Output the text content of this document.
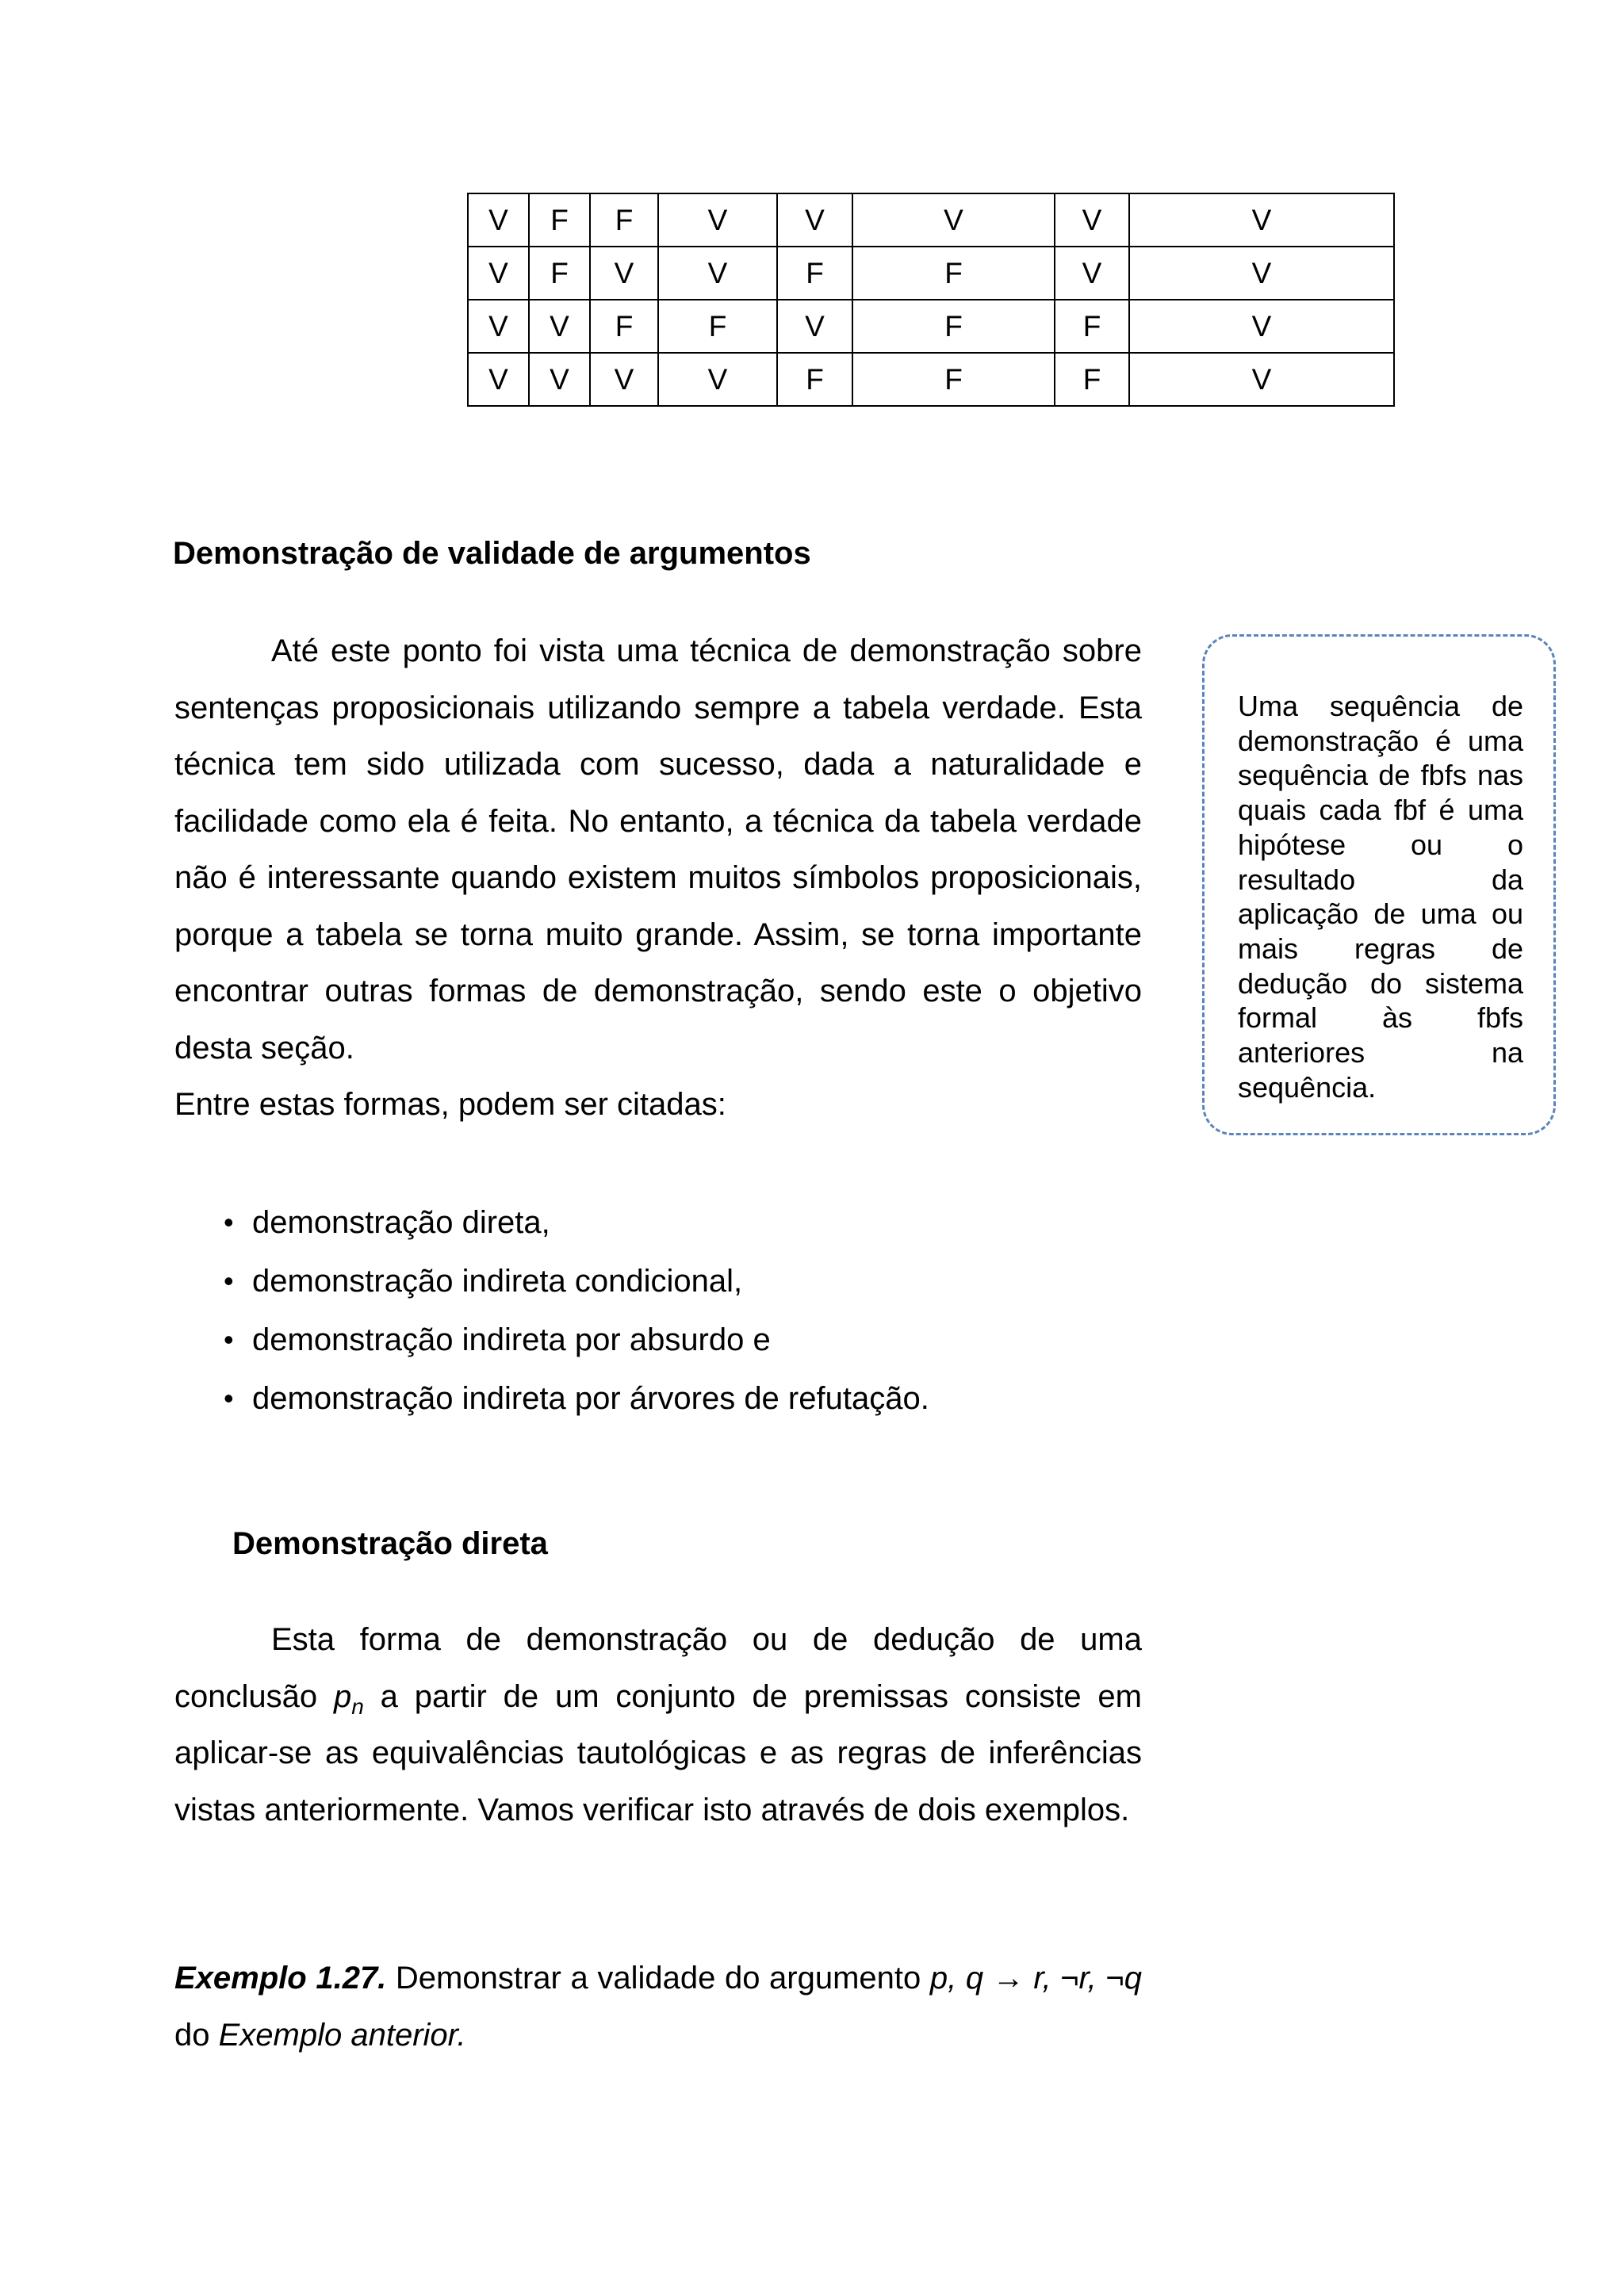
V	F	F	V	V	V	V	V
V	F	V	V	F	F	V	V
V	V	F	F	V	F	F	V
V	V	V	V	F	F	F	V
Demonstração de validade de argumentos

Até este ponto foi vista uma técnica de demonstração sobre sentenças proposicionais utilizando sempre a tabela verdade. Esta técnica tem sido utilizada com sucesso, dada a naturalidade e facilidade como ela é feita. No entanto, a técnica da tabela verdade não é interessante quando existem muitos símbolos proposicionais, porque a tabela se torna muito grande. Assim, se torna importante encontrar outras formas de demonstração, sendo este o objetivo desta seção.

Entre estas formas, podem ser citadas:

Uma sequência de demonstração é uma sequência de fbfs nas quais cada fbf é uma hipótese ou o resultado da aplicação de uma ou mais regras de dedução do sistema formal às fbfs anteriores na sequência.

• demonstração direta,
• demonstração indireta condicional,
• demonstração indireta por absurdo e
• demonstração indireta por árvores de refutação.
Demonstração direta

Esta forma de demonstração ou de dedução de uma conclusão $p_n$ a partir de um conjunto de premissas consiste em aplicar-se as equivalências tautológicas e as regras de inferências vistas anteriormente. Vamos verificar isto através de dois exemplos.

Exemplo 1.27. Demonstrar a validade do argumento p, q → r, ¬r, ¬q do Exemplo anterior.
